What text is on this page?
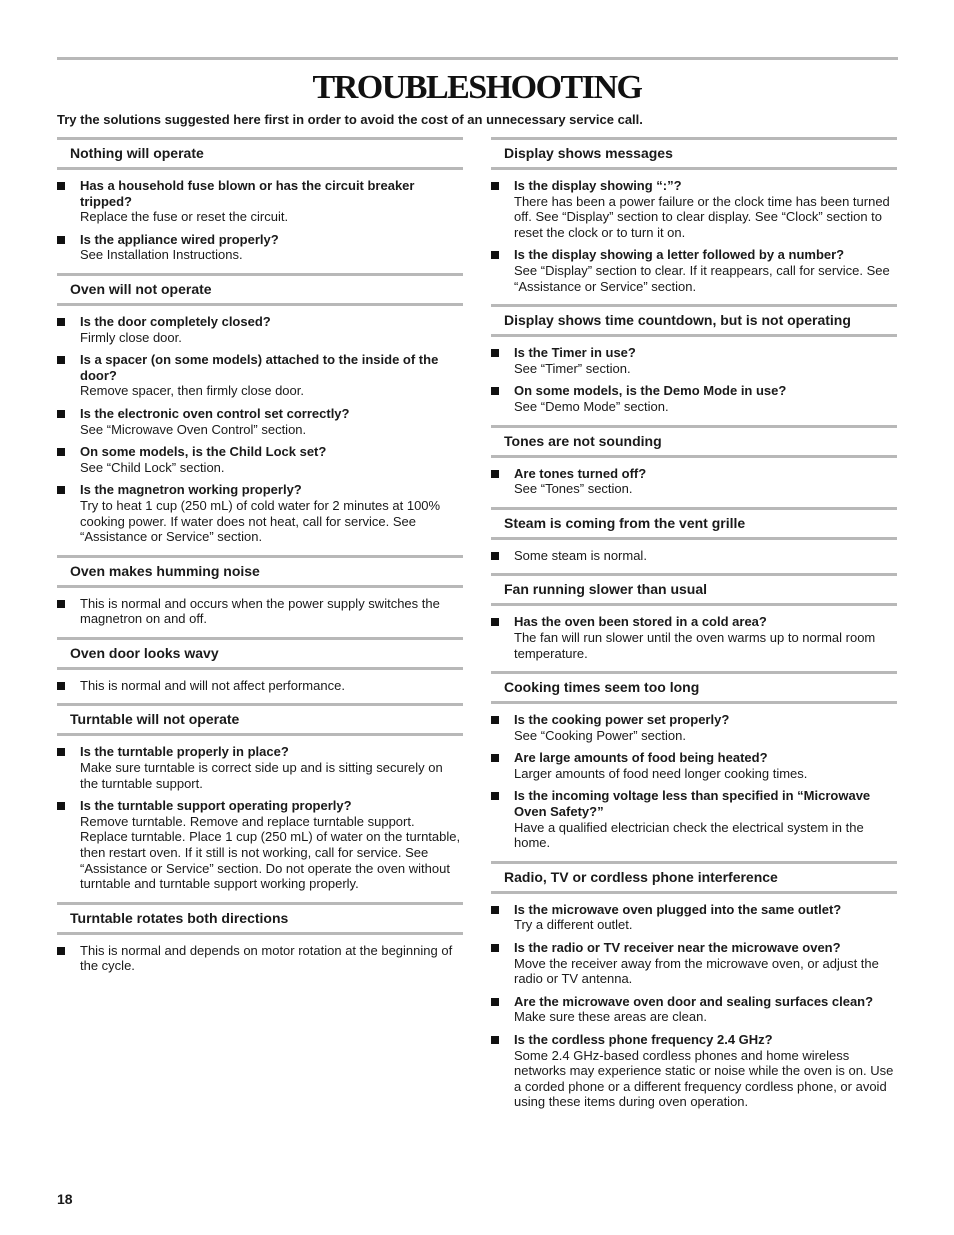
TROUBLESHOOTING
Try the solutions suggested here first in order to avoid the cost of an unnecessary service call.
Nothing will operate
Has a household fuse blown or has the circuit breaker tripped?
Replace the fuse or reset the circuit.
Is the appliance wired properly?
See Installation Instructions.
Oven will not operate
Is the door completely closed?
Firmly close door.
Is a spacer (on some models) attached to the inside of the door?
Remove spacer, then firmly close door.
Is the electronic oven control set correctly?
See “Microwave Oven Control” section.
On some models, is the Child Lock set?
See “Child Lock” section.
Is the magnetron working properly?
Try to heat 1 cup (250 mL) of cold water for 2 minutes at 100% cooking power. If water does not heat, call for service. See “Assistance or Service” section.
Oven makes humming noise
This is normal and occurs when the power supply switches the magnetron on and off.
Oven door looks wavy
This is normal and will not affect performance.
Turntable will not operate
Is the turntable properly in place?
Make sure turntable is correct side up and is sitting securely on the turntable support.
Is the turntable support operating properly?
Remove turntable. Remove and replace turntable support. Replace turntable. Place 1 cup (250 mL) of water on the turntable, then restart oven. If it still is not working, call for service. See “Assistance or Service” section. Do not operate the oven without turntable and turntable support working properly.
Turntable rotates both directions
This is normal and depends on motor rotation at the beginning of the cycle.
Display shows messages
Is the display showing “:”?
There has been a power failure or the clock time has been turned off. See “Display” section to clear display. See “Clock” section to reset the clock or to turn it on.
Is the display showing a letter followed by a number?
See “Display” section to clear. If it reappears, call for service. See “Assistance or Service” section.
Display shows time countdown, but is not operating
Is the Timer in use?
See “Timer” section.
On some models, is the Demo Mode in use?
See “Demo Mode” section.
Tones are not sounding
Are tones turned off?
See “Tones” section.
Steam is coming from the vent grille
Some steam is normal.
Fan running slower than usual
Has the oven been stored in a cold area?
The fan will run slower until the oven warms up to normal room temperature.
Cooking times seem too long
Is the cooking power set properly?
See “Cooking Power” section.
Are large amounts of food being heated?
Larger amounts of food need longer cooking times.
Is the incoming voltage less than specified in “Microwave Oven Safety?”
Have a qualified electrician check the electrical system in the home.
Radio, TV or cordless phone interference
Is the microwave oven plugged into the same outlet?
Try a different outlet.
Is the radio or TV receiver near the microwave oven?
Move the receiver away from the microwave oven, or adjust the radio or TV antenna.
Are the microwave oven door and sealing surfaces clean?
Make sure these areas are clean.
Is the cordless phone frequency 2.4 GHz?
Some 2.4 GHz-based cordless phones and home wireless networks may experience static or noise while the oven is on. Use a corded phone or a different frequency cordless phone, or avoid using these items during oven operation.
18
